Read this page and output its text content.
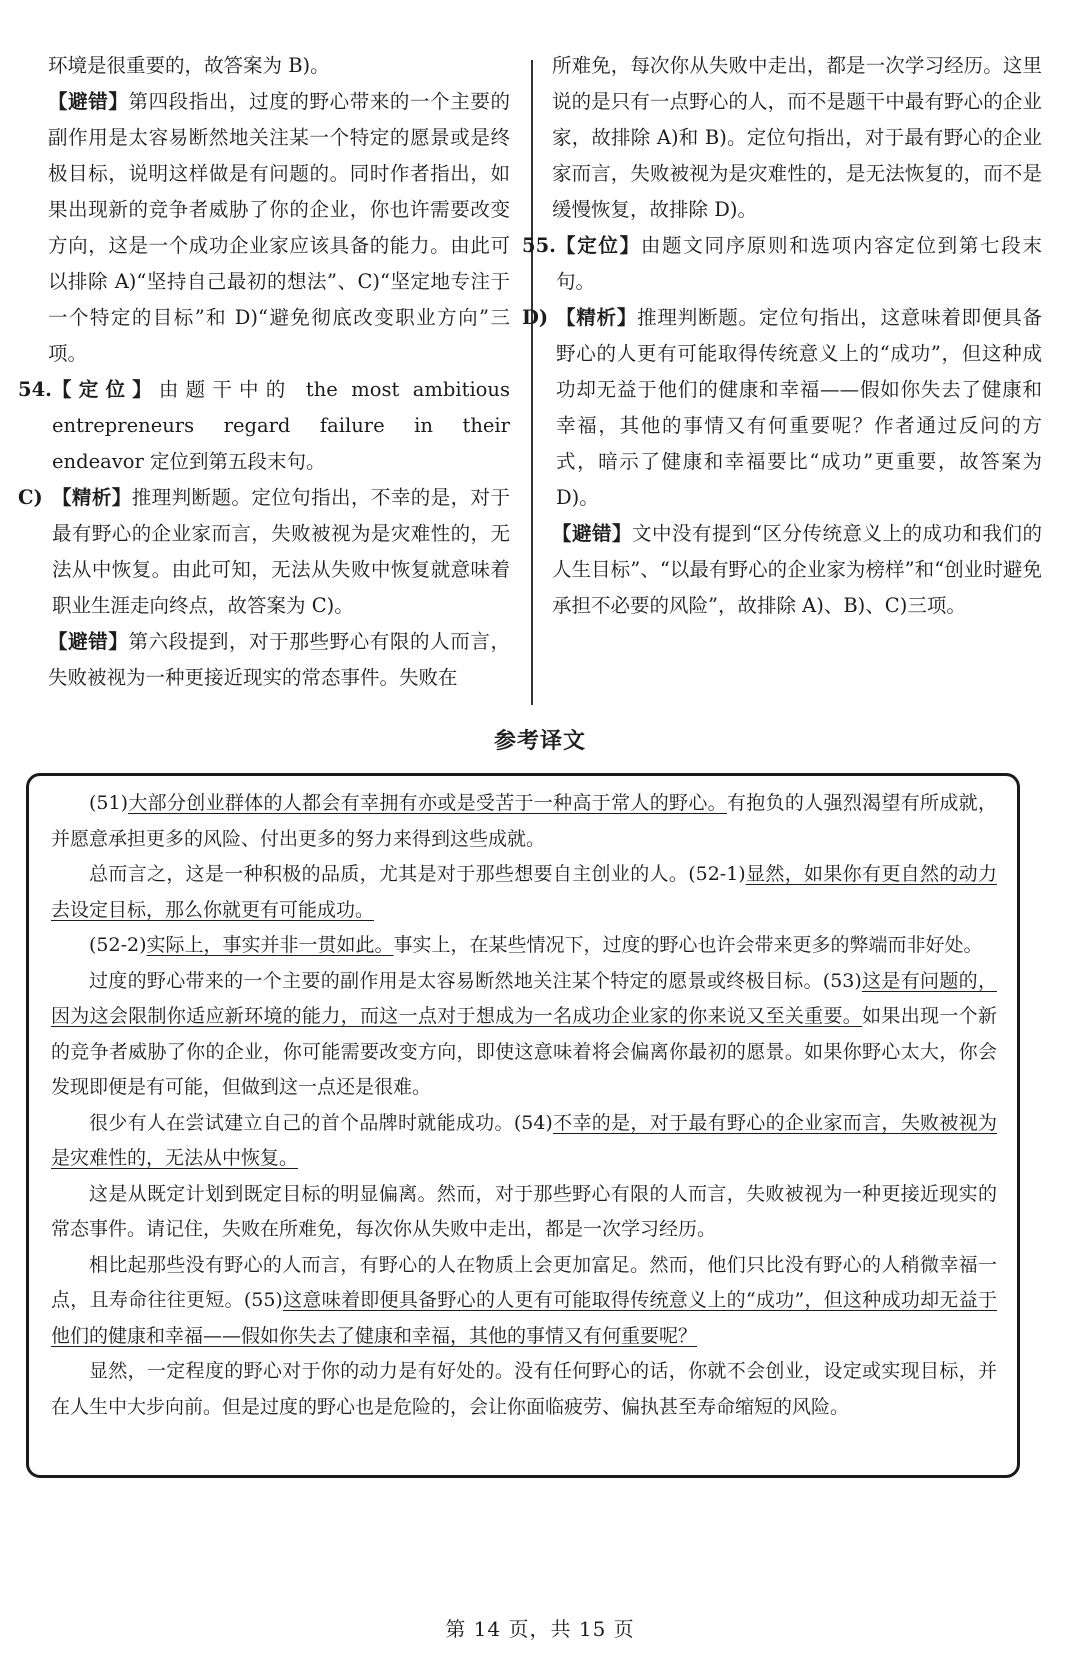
环境是很重要的，故答案为 B)。

【避错】第四段指出，过度的野心带来的一个主要的副作用是太容易断然地关注某一个特定的愿景或是终极目标，说明这样做是有问题的。同时作者指出，如果出现新的竞争者威胁了你的企业，你也许需要改变方向，这是一个成功企业家应该具备的能力。由此可以排除 A)“坚持自己最初的想法”、C)“坚定地专注于一个特定的目标”和 D)“避免彻底改变职业方向”三项。

54. 【定位】由题干中的 the most ambitious entrepreneurs regard failure in their endeavor 定位到第五段末句。
C) 【精析】推理判断题。定位句指出，不幸的是，对于最有野心的企业家而言，失败被视为是灾难性的，无法从中恢复。由此可知，无法从失败中恢复就意味着职业生涯走向终点，故答案为 C)。

【避错】第六段提到，对于那些野心有限的人而言，失败被视为一种更接近现实的常态事件。失败在

所难免，每次你从失败中走出，都是一次学习经历。这里说的是只有一点野心的人，而不是题干中最有野心的企业家，故排除 A)和 B)。定位句指出，对于最有野心的企业家而言，失败被视为是灾难性的，是无法恢复的，而不是缓慢恢复，故排除 D)。

55. 【定位】由题文同序原则和选项内容定位到第七段末句。
D) 【精析】推理判断题。定位句指出，这意味着即便具备野心的人更有可能取得传统意义上的“成功”，但这种成功却无益于他们的健康和幸福——假如你失去了健康和幸福，其他的事情又有何重要呢？作者通过反问的方式，暗示了健康和幸福要比“成功”更重要，故答案为 D)。

【避错】文中没有提到“区分传统意义上的成功和我们的人生目标”、“以最有野心的企业家为榜样”和“创业时避免承担不必要的风险”，故排除 A)、B)、C)三项。

参考译文

(51)大部分创业群体的人都会有幸拥有亦或是受苦于一种高于常人的野心。有抱负的人强烈渴望有所成就，并愿意承担更多的风险、付出更多的努力来得到这些成就。

总而言之，这是一种积极的品质，尤其是对于那些想要自主创业的人。(52-1)显然，如果你有更自然的动力去设定目标，那么你就更有可能成功。

(52-2)实际上，事实并非一贯如此。事实上，在某些情况下，过度的野心也许会带来更多的弊端而非好处。

过度的野心带来的一个主要的副作用是太容易断然地关注某个特定的愿景或终极目标。(53)这是有问题的，因为这会限制你适应新环境的能力，而这一点对于想成为一名成功企业家的你来说又至关重要。如果出现一个新的竞争者威胁了你的企业，你可能需要改变方向，即使这意味着将会偏离你最初的愿景。如果你野心太大，你会发现即便是有可能，但做到这一点还是很难。

很少有人在尝试建立自己的首个品牌时就能成功。(54)不幸的是，对于最有野心的企业家而言，失败被视为是灾难性的，无法从中恢复。

这是从既定计划到既定目标的明显偏离。然而，对于那些野心有限的人而言，失败被视为一种更接近现实的常态事件。请记住，失败在所难免，每次你从失败中走出，都是一次学习经历。

相比起那些没有野心的人而言，有野心的人在物质上会更加富足。然而，他们只比没有野心的人稍微幸福一点，且寿命往往更短。(55)这意味着即便具备野心的人更有可能取得传统意义上的“成功”，但这种成功却无益于他们的健康和幸福——假如你失去了健康和幸福，其他的事情又有何重要呢？

显然，一定程度的野心对于你的动力是有好处的。没有任何野心的话，你就不会创业，设定或实现目标，并在人生中大步向前。但是过度的野心也是危险的，会让你面临疲劳、偏执甚至寿命缩短的风险。

第 14 页，共 15 页
